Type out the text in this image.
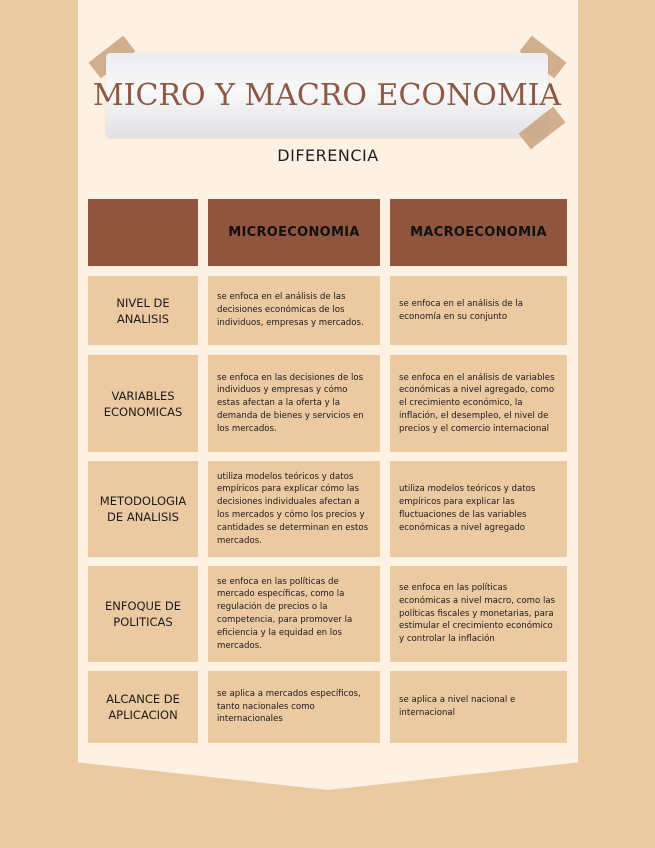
MICRO Y MACRO ECONOMIA
DIFERENCIA
MICROECONOMIA	MACROECONOMIA
NIVEL DE ANALISIS
se enfoca en el análisis de las decisiones económicas de los individuos, empresas y mercados.
se enfoca en el análisis de la economía en su conjunto
VARIABLES ECONOMICAS
se enfoca en las decisiones de los individuos y empresas y cómo estas afectan a la oferta y la demanda de bienes y servicios en los mercados.
se enfoca en el análisis de variables económicas a nivel agregado, como el crecimiento económico, la inflación, el desempleo, el nivel de precios y el comercio internacional
METODOLOGIA DE ANALISIS
utiliza modelos teóricos y datos empíricos para explicar cómo las decisiones individuales afectan a los mercados y cómo los precios y cantidades se determinan en estos mercados.
utiliza modelos teóricos y datos empíricos para explicar las fluctuaciones de las variables económicas a nivel agregado
ENFOQUE DE POLITICAS
se enfoca en las políticas de mercado específicas, como la regulación de precios o la competencia, para promover la eficiencia y la equidad en los mercados.
se enfoca en las políticas económicas a nivel macro, como las políticas fiscales y monetarias, para estimular el crecimiento económico y controlar la inflación
ALCANCE DE APLICACION
se aplica a mercados específicos, tanto nacionales como internacionales
se aplica a nivel nacional e internacional
